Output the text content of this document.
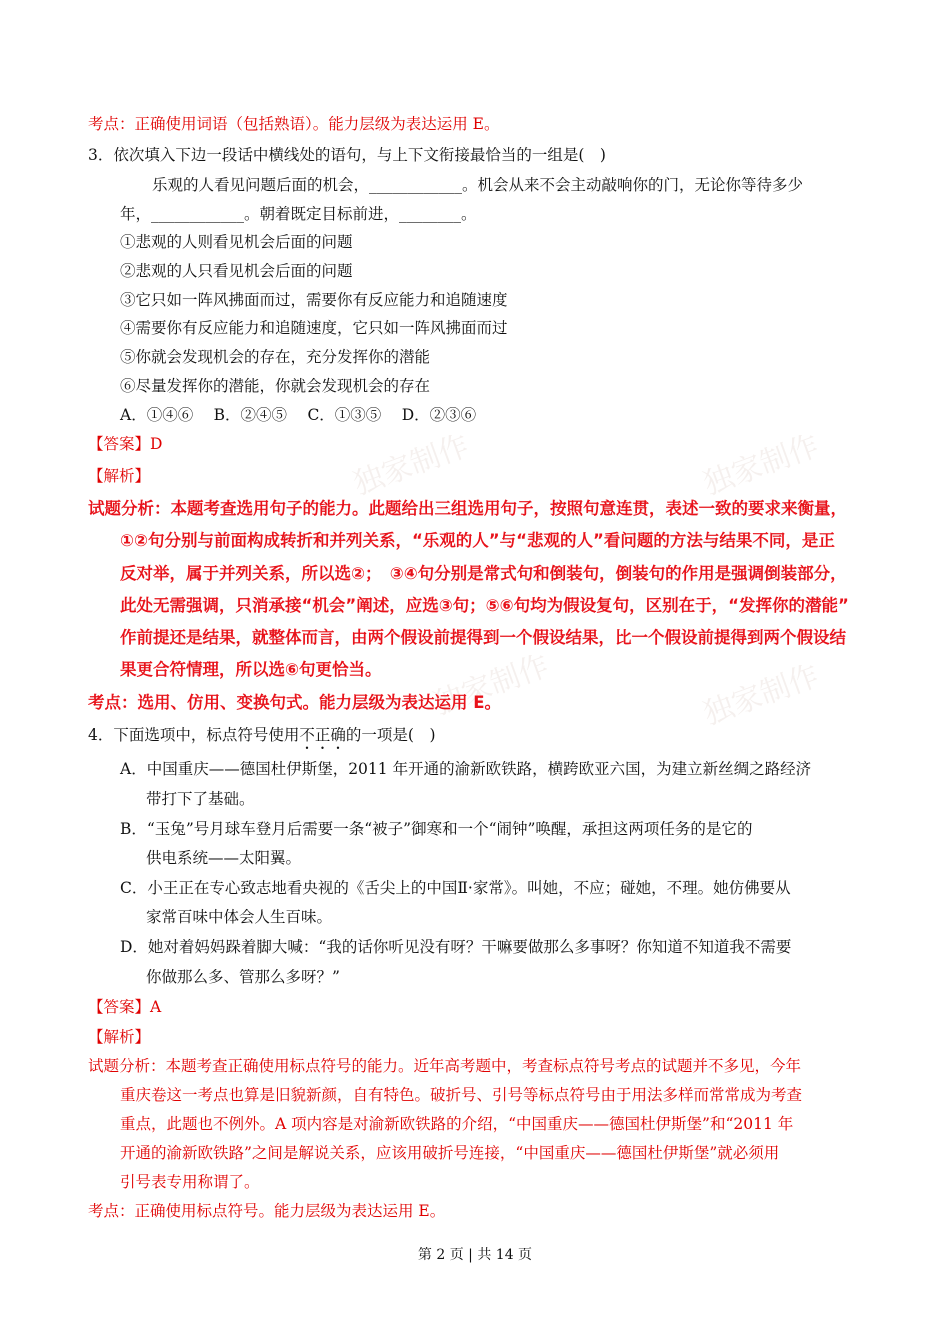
独家制作	独家制作
独家制作	独家制作
考点：正确使用词语（包括熟语）。能力层级为表达运用 E。
3．依次填入下边一段话中横线处的语句，与上下文衔接最恰当的一组是(　)
乐观的人看见问题后面的机会，____________。机会从来不会主动敲响你的门，无论你等待多少
年，____________。朝着既定目标前进，________。
①悲观的人则看见机会后面的问题
②悲观的人只看见机会后面的问题
③它只如一阵风拂面而过，需要你有反应能力和追随速度
④需要你有反应能力和追随速度，它只如一阵风拂面而过
⑤你就会发现机会的存在，充分发挥你的潜能
⑥尽量发挥你的潜能，你就会发现机会的存在
A．①④⑥　 B．②④⑤　 C．①③⑤　 D．②③⑥
【答案】D
【解析】
试题分析：本题考查选用句子的能力。此题给出三组选用句子，按照句意连贯，表述一致的要求来衡量，
①②句分别与前面构成转折和并列关系，“乐观的人”与“悲观的人”看问题的方法与结果不同，是正
反对举，属于并列关系，所以选②；　③④句分别是常式句和倒装句，倒装句的作用是强调倒装部分，
此处无需强调，只消承接“机会”阐述，应选③句；⑤⑥句均为假设复句，区别在于，“发挥你的潜能”
作前提还是结果，就整体而言，由两个假设前提得到一个假设结果，比一个假设前提得到两个假设结
果更合符情理，所以选⑥句更恰当。
考点：选用、仿用、变换句式。能力层级为表达运用 E。
4．下面选项中，标点符号使用不正确的一项是(　)
A．中国重庆——德国杜伊斯堡，2011 年开通的渝新欧铁路，横跨欧亚六国，为建立新丝绸之路经济
带打下了基础。
B．“玉兔”号月球车登月后需要一条“被子”御寒和一个“闹钟”唤醒，承担这两项任务的是它的
供电系统——太阳翼。
C．小王正在专心致志地看央视的《舌尖上的中国Ⅱ·家常》。叫她，不应；碰她，不理。她仿佛要从
家常百味中体会人生百味。
D．她对着妈妈跺着脚大喊：“我的话你听见没有呀？干嘛要做那么多事呀？你知道不知道我不需要
你做那么多、管那么多呀？”
【答案】A
【解析】
试题分析：本题考查正确使用标点符号的能力。近年高考题中，考查标点符号考点的试题并不多见，今年
重庆卷这一考点也算是旧貌新颜，自有特色。破折号、引号等标点符号由于用法多样而常常成为考查
重点，此题也不例外。A 项内容是对渝新欧铁路的介绍，“中国重庆——德国杜伊斯堡”和“2011 年
开通的渝新欧铁路”之间是解说关系，应该用破折号连接，“中国重庆——德国杜伊斯堡”就必须用
引号表专用称谓了。
考点：正确使用标点符号。能力层级为表达运用 E。
第 2 页 | 共 14 页
